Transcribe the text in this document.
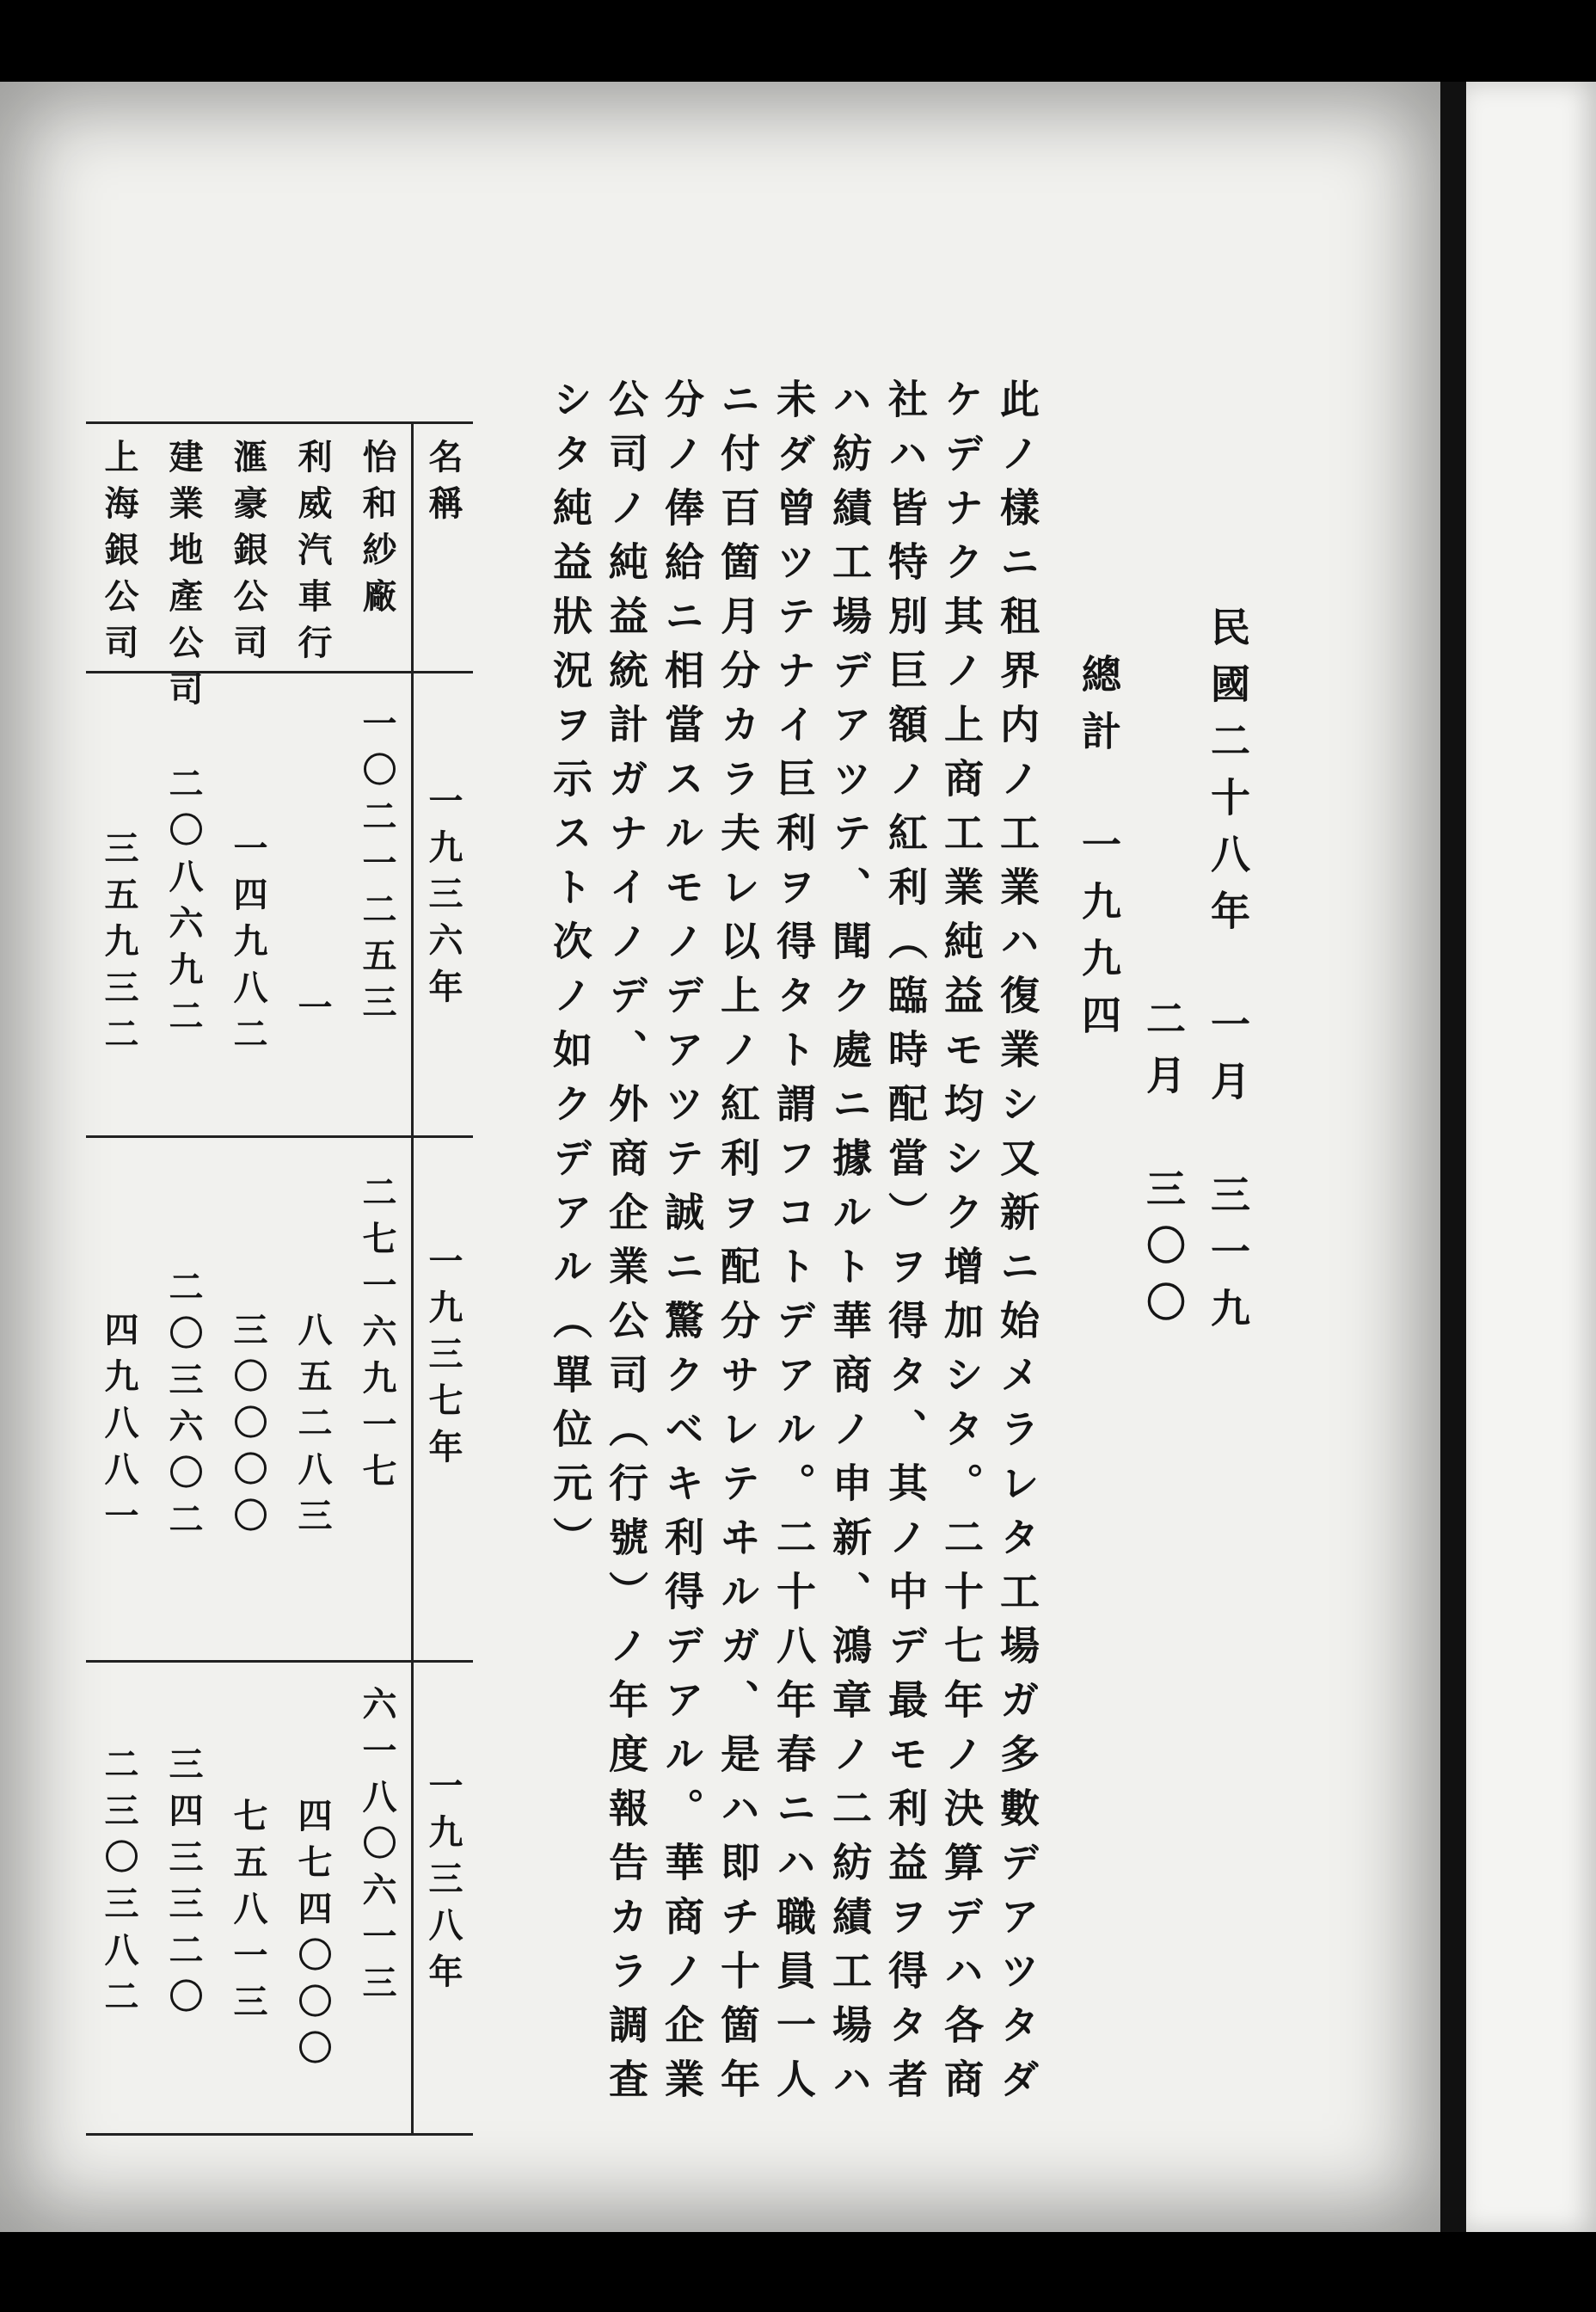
民國二十八年　一月　三一九
二月　三〇〇
總計　一九九四
此ノ樣ニ租界内ノ工業ハ復業シ又新ニ始メラレタ工場ガ多數デアツタダ
ケデナク其ノ上商工業純益モ均シク增加シタ。二十七年ノ決算デハ各商
社ハ皆特別巨額ノ紅利（臨時配當）ヲ得タ、其ノ中デ最モ利益ヲ得タ者
ハ紡績工場デアツテ、聞ク處ニ據ルト華商ノ申新、鴻章ノ二紡績工場ハ
未ダ曾ツテナイ巨利ヲ得タト謂フコトデアル。二十八年春ニハ職員一人
ニ付百箇月分カラ夫レ以上ノ紅利ヲ配分サレテヰルガ、是ハ即チ十箇年
分ノ俸給ニ相當スルモノデアツテ誠ニ驚クベキ利得デアル。華商ノ企業
公司ノ純益統計ガナイノデ、外商企業公司（行號）ノ年度報告カラ調査
シタ純益狀況ヲ示スト次ノ如クデアル（單位元）
名稱
一九三六年
一九三七年
一九三八年
怡和紗廠
一〇二一二五三
二七一六九一七
六一八〇六一三
利威汽車行
一
八五二八三
四七四〇〇〇
滙豪銀公司
一四九八二
三〇〇〇〇
七五八一三
建業地產公司
二〇八六九二
二〇三六〇二
三四三三二〇
上海銀公司
三五九三二
四九八八一
二三〇三八二
